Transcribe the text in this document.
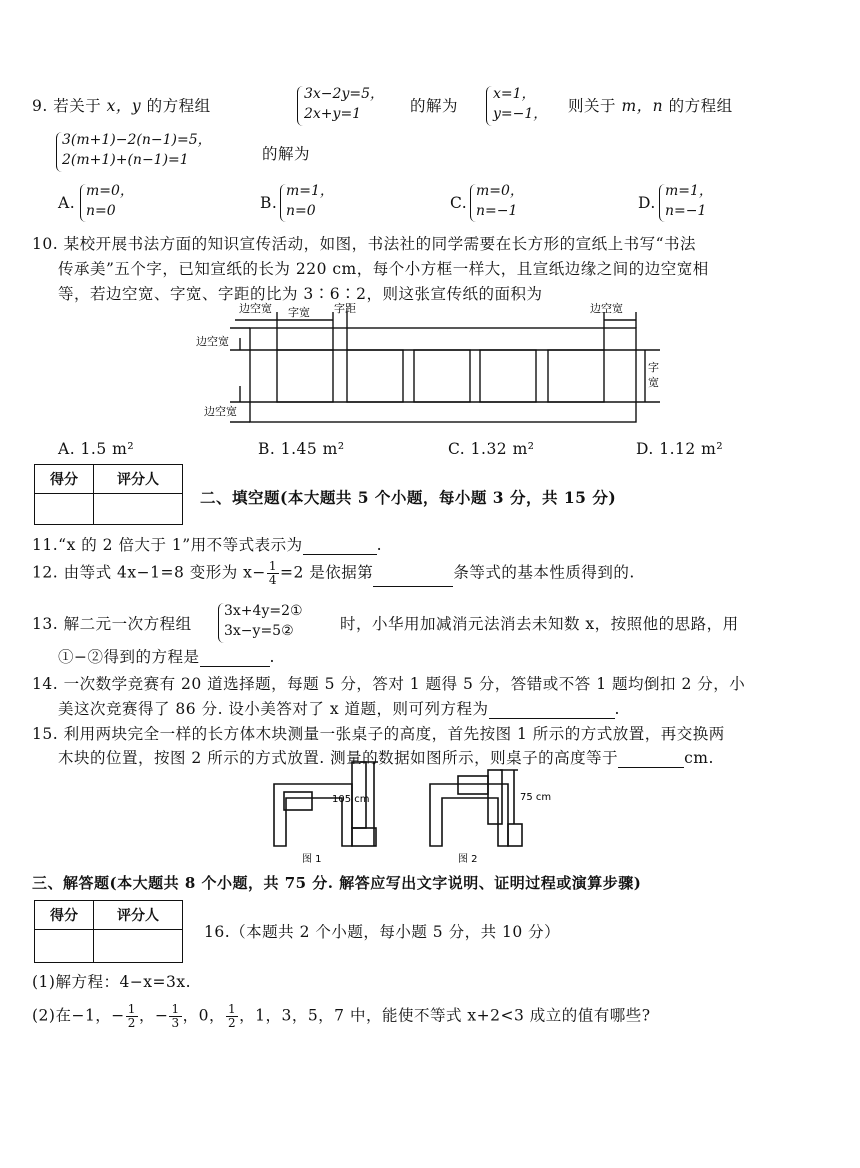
9. 若关于 x，y 的方程组
3x−2y=5，
2x+y=1	的解为
x=1，
y=−1， 则关于 m，n 的方程组
3(m+1)−2(n−1)=5，
2(m+1)+(n−1)=1	的解为
A.
m=0，
n=0	B.
m=1，
n=0	C.
m=0，
n=−1	D.
m=1，
n=−1
10. 某校开展书法方面的知识宣传活动，如图，书法社的同学需要在长方形的宣纸上书写“书法
传承美”五个字，已知宣纸的长为 220 cm，每个小方框一样大，且宣纸边缘之间的边空宽相
等，若边空宽、字宽、字距的比为 3∶6∶2，则这张宣传纸的面积为
边空宽 字宽 字距	边空宽
边空宽
边空宽
字
宽
A. 1.5 m²	B. 1.45 m²	C. 1.32 m²	D. 1.12 m²
得分	评分人

二、填空题(本大题共 5 个小题，每小题 3 分，共 15 分)
11.“x 的 2 倍大于 1”用不等式表示为	.
12. 由等式 4x−1=8 变形为 $x- \frac{1}{4} =2$ 是依据第	条等式的基本性质得到的.
13. 解二元一次方程组
3x+4y=2①
3x−y=5②	时，小华用加减消元法消去未知数 x，按照他的思路，用
①−②得到的方程是	.
14. 一次数学竞赛有 20 道选择题，每题 5 分，答对 1 题得 5 分，答错或不答 1 题均倒扣 2 分，小
美这次竞赛得了 86 分. 设小美答对了 x 道题，则可列方程为	.
15. 利用两块完全一样的长方体木块测量一张桌子的高度，首先按图 1 所示的方式放置，再交换两
木块的位置，按图 2 所示的方式放置. 测量的数据如图所示，则桌子的高度等于	cm.
105 cm	75 cm
图 1	图 2
三、解答题(本大题共 8 个小题，共 75 分. 解答应写出文字说明、证明过程或演算步骤)
得分	评分人

16.（本题共 2 个小题，每小题 5 分，共 10 分）
(1)解方程：4−x=3x.
(2)在−1，− $\frac{1}{2}$ ，− $\frac{1}{3}$ ，0， $\frac{1}{2}$ ，1，3，5，7 中，能使不等式 x+2<3 成立的值有哪些?
